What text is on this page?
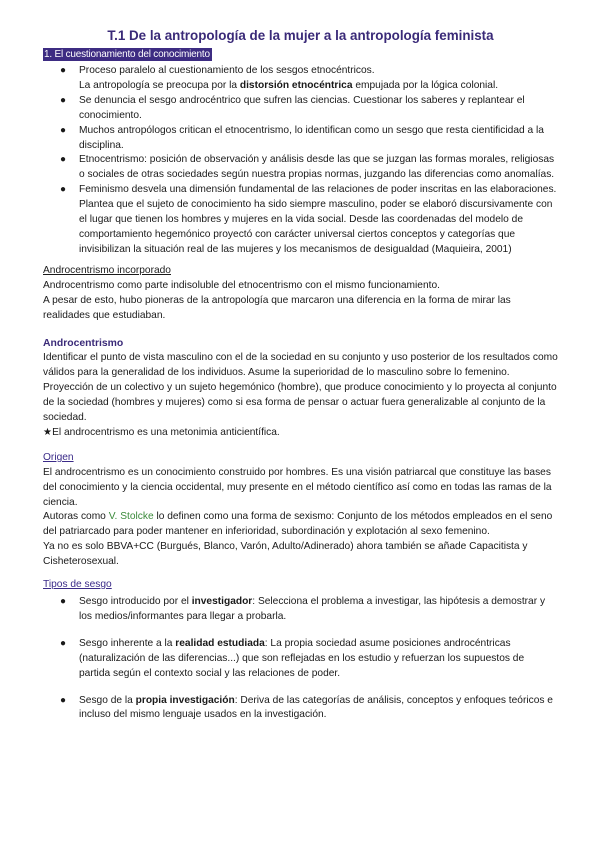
T.1 De la antropología de la mujer a la antropología feminista
1. El cuestionamiento del conocimiento
● Proceso paralelo al cuestionamiento de los sesgos etnocéntricos.
La antropología se preocupa por la distorsión etnocéntrica empujada por la lógica colonial.
● Se denuncia el sesgo androcéntrico que sufren las ciencias. Cuestionar los saberes y replantear el conocimiento.
● Muchos antropólogos critican el etnocentrismo, lo identifican como un sesgo que resta cientificidad a la disciplina.
● Etnocentrismo: posición de observación y análisis desde las que se juzgan las formas morales, religiosas o sociales de otras sociedades según nuestra propias normas, juzgando las diferencias como anomalías.
● Feminismo desvela una dimensión fundamental de las relaciones de poder inscritas en las elaboraciones. Plantea que el sujeto de conocimiento ha sido siempre masculino, poder se elaboró discursivamente con el lugar que tienen los hombres y mujeres en la vida social. Desde las coordenadas del modelo de comportamiento hegemónico proyectó con carácter universal ciertos conceptos y categorías que invisibilizan la situación real de las mujeres y los mecanismos de desigualdad (Maquieira, 2001)

Androcentrismo incorporado

Androcentrismo como parte indisoluble del etnocentrismo con el mismo funcionamiento.

A pesar de esto, hubo pioneras de la antropología que marcaron una diferencia en la forma de mirar las realidades que estudiaban.

Androcentrismo

Identificar el punto de vista masculino con el de la sociedad en su conjunto y uso posterior de los resultados como válidos para la generalidad de los individuos. Asume la superioridad de lo masculino sobre lo femenino.

Proyección de un colectivo y un sujeto hegemónico (hombre), que produce conocimiento y lo proyecta al conjunto de la sociedad (hombres y mujeres) como si esa forma de pensar o actuar fuera generalizable al conjunto de la sociedad.

★El androcentrismo es una metonimia anticientífica.

Origen

El androcentrismo es un conocimiento construido por hombres. Es una visión patriarcal que constituye las bases del conocimiento y la ciencia occidental, muy presente en el método científico así como en todas las ramas de la ciencia.

Autoras como V. Stolcke lo definen como una forma de sexismo: Conjunto de los métodos empleados en el seno del patriarcado para poder mantener en inferioridad, subordinación y explotación al sexo femenino.

Ya no es solo BBVA+CC (Burgués, Blanco, Varón, Adulto/Adinerado) ahora también se añade Capacitista y Cisheterosexual.

Tipos de sesgo

● Sesgo introducido por el investigador: Selecciona el problema a investigar, las hipótesis a demostrar y los medios/informantes para llegar a probarla.
● Sesgo inherente a la realidad estudiada: La propia sociedad asume posiciones androcéntricas (naturalización de las diferencias...) que son reflejadas en los estudio y refuerzan los supuestos de partida según el contexto social y las relaciones de poder.
● Sesgo de la propia investigación: Deriva de las categorías de análisis, conceptos y enfoques teóricos e incluso del mismo lenguaje usados en la investigación.
